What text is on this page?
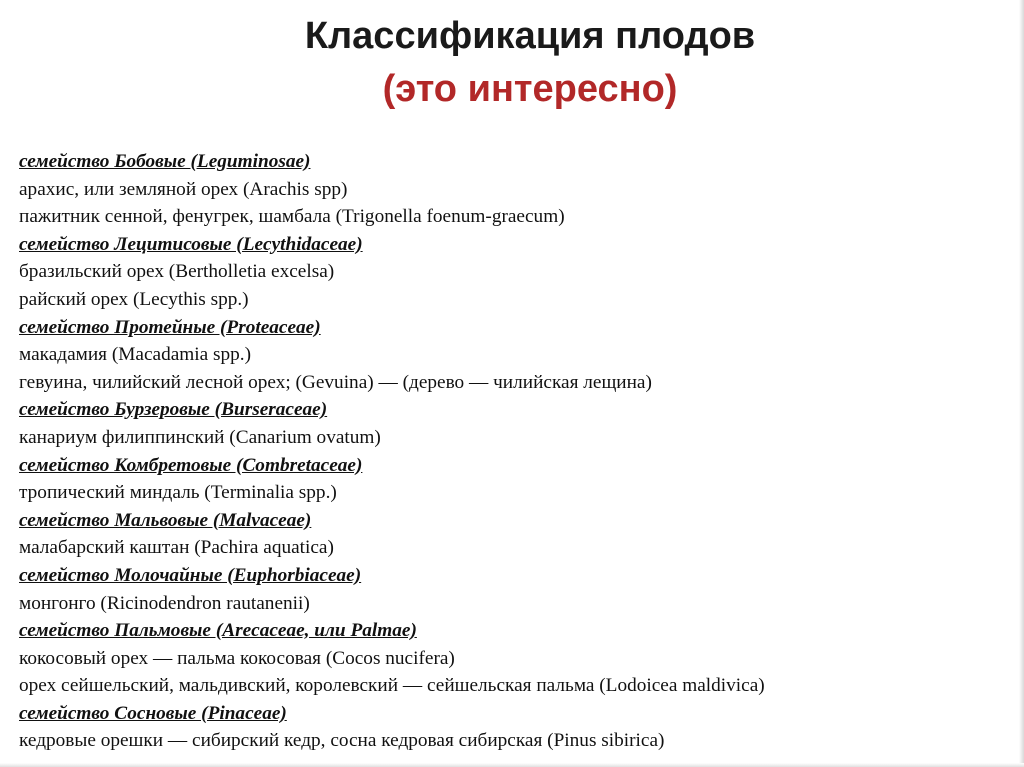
Классификация плодов
(это интересно)
семейство Бобовые (Leguminosae)
арахис, или земляной орех (Arachis spp)
пажитник сенной, фенугрек, шамбала (Trigonella foenum-graecum)
семейство Лецитисовые (Lecythidaceae)
бразильский орех (Bertholletia excelsa)
райский орех (Lecythis spp.)
семейство Протейные (Proteaceae)
макадамия (Macadamia spp.)
гевуина, чилийский лесной орех; (Gevuina) — (дерево — чилийская лещина)
семейство Бурзеровые (Burseraceae)
канариум филиппинский (Canarium ovatum)
семейство Комбретовые (Combretaceae)
тропический миндаль (Terminalia spp.)
семейство Мальвовые (Malvaceae)
малабарский каштан (Pachira aquatica)
семейство Молочайные (Euphorbiaceae)
монгонго (Ricinodendron rautanenii)
семейство Пальмовые (Arecaceae, или Palmae)
кокосовый орех — пальма кокосовая (Cocos nucifera)
орех сейшельский, мальдивский, королевский — сейшельская пальма (Lodoicea maldivica)
семейство Сосновые (Pinaceae)
кедровые орешки — сибирский кедр, сосна кедровая сибирская (Pinus sibirica)
